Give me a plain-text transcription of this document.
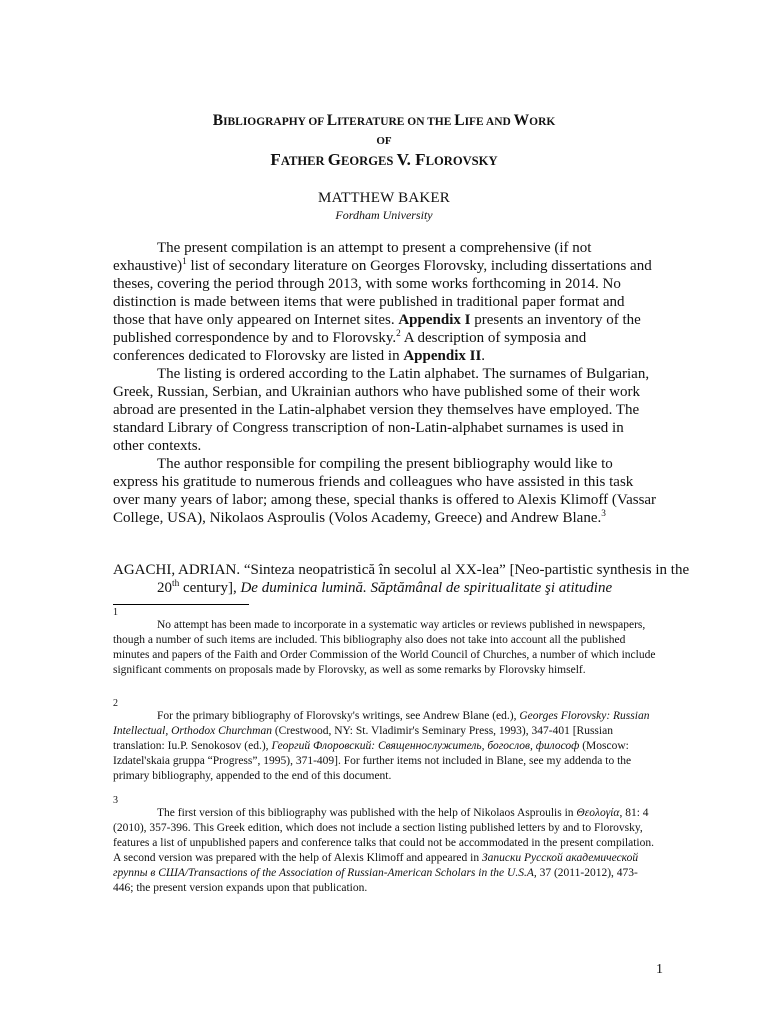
BIBLIOGRAPHY OF LITERATURE ON THE LIFE AND WORK
OF
FATHER GEORGES V. FLOROVSKY
MATTHEW BAKER
Fordham University

The present compilation is an attempt to present a comprehensive (if not exhaustive)$^1$ list of secondary literature on Georges Florovsky, including dissertations and theses, covering the period through 2013, with some works forthcoming in 2014. No distinction is made between items that were published in traditional paper format and those that have only appeared on Internet sites. Appendix I presents an inventory of the published correspondence by and to Florovsky.$^2$ A description of symposia and conferences dedicated to Florovsky are listed in Appendix II.

The listing is ordered according to the Latin alphabet. The surnames of Bulgarian, Greek, Russian, Serbian, and Ukrainian authors who have published some of their work abroad are presented in the Latin-alphabet version they themselves have employed. The standard Library of Congress transcription of non-Latin-alphabet surnames is used in other contexts.

The author responsible for compiling the present bibliography would like to express his gratitude to numerous friends and colleagues who have assisted in this task over many years of labor; among these, special thanks is offered to Alexis Klimoff (Vassar College, USA), Nikolaos Asproulis (Volos Academy, Greece) and Andrew Blane.$^3$

AGACHI, ADRIAN. “Sinteza neopatristică în secolul al XX-lea” [Neo-partistic synthesis in the 20th century], De duminica lumină. Săptămânal de spiritualitate şi atitudine
1
No attempt has been made to incorporate in a systematic way articles or reviews published in newspapers, though a number of such items are included. This bibliography also does not take into account all the published minutes and papers of the Faith and Order Commission of the World Council of Churches, a number of which include significant comments on proposals made by Florovsky, as well as some remarks by Florovsky himself.
2
For the primary bibliography of Florovsky's writings, see Andrew Blane (ed.), Georges Florovsky: Russian Intellectual, Orthodox Churchman (Crestwood, NY: St. Vladimir's Seminary Press, 1993), 347-401 [Russian translation: Iu.P. Senokosov (ed.), Георгий Флоровский: Священнослужитель, богослов, философ (Moscow: Izdatel'skaia gruppa “Progress”, 1995), 371-409]. For further items not included in Blane, see my addenda to the primary bibliography, appended to the end of this document.
3
The first version of this bibliography was published with the help of Nikolaos Asproulis in Θεολογία, 81: 4 (2010), 357-396. This Greek edition, which does not include a section listing published letters by and to Florovsky, features a list of unpublished papers and conference talks that could not be accommodated in the present compilation. A second version was prepared with the help of Alexis Klimoff and appeared in Записки Русской академической группы в США/Transactions of the Association of Russian-American Scholars in the U.S.A, 37 (2011-2012), 473-446; the present version expands upon that publication.
1
